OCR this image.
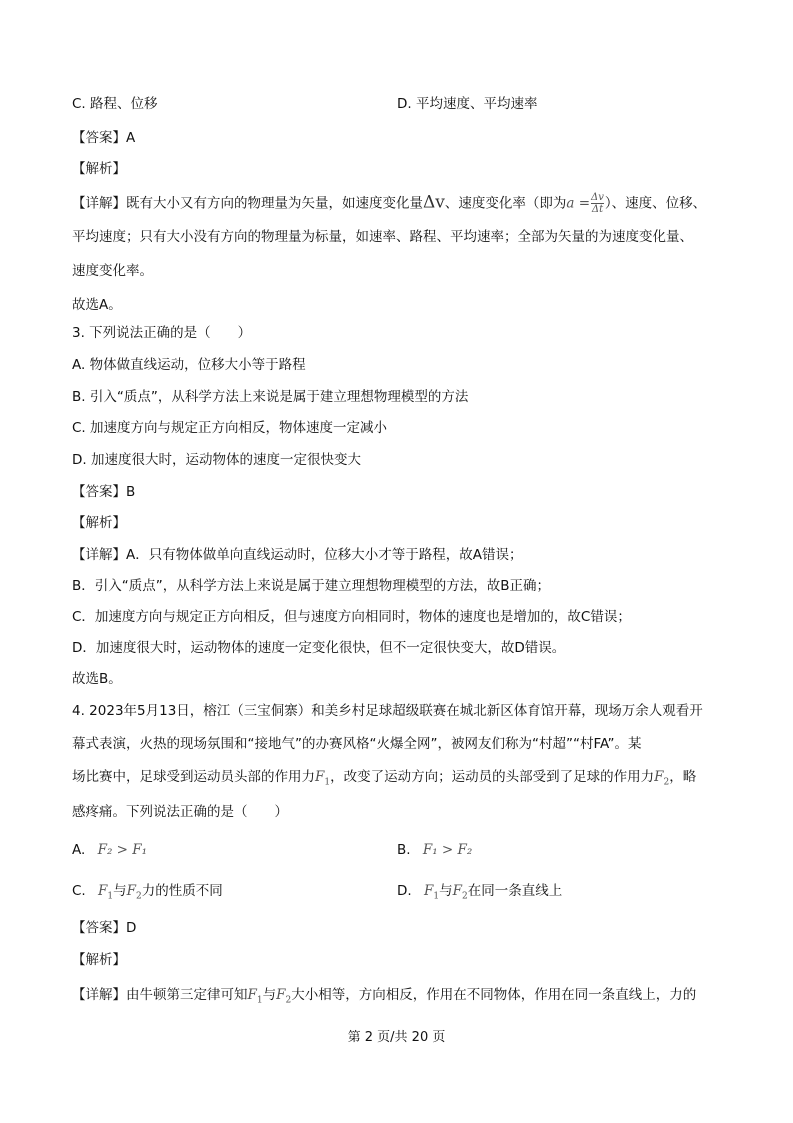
C. 路程、位移	D. 平均速度、平均速率
【答案】A
【解析】
【详解】既有大小又有方向的物理量为矢量，如速度变化量Δv、速度变化率（即为$a = \frac{\Delta v}{\Delta t}$ ）、速度、位移、
平均速度；只有大小没有方向的物理量为标量，如速率、路程、平均速率；全部为矢量的为速度变化量、
速度变化率。
故选A。
3. 下列说法正确的是（　　）
A. 物体做直线运动，位移大小等于路程
B. 引入“质点”，从科学方法上来说是属于建立理想物理模型的方法
C. 加速度方向与规定正方向相反，物体速度一定减小
D. 加速度很大时，运动物体的速度一定很快变大
【答案】B
【解析】
【详解】A．只有物体做单向直线运动时，位移大小才等于路程，故A错误；
B．引入“质点”，从科学方法上来说是属于建立理想物理模型的方法，故B正确；
C．加速度方向与规定正方向相反，但与速度方向相同时，物体的速度也是增加的，故C错误；
D．加速度很大时，运动物体的速度一定变化很快，但不一定很快变大，故D错误。
故选B。
4. 2023年5月13日，榕江（三宝侗寨）和美乡村足球超级联赛在城北新区体育馆开幕，现场万余人观看开
幕式表演，火热的现场氛围和“接地气”的办赛风格“火爆全网”，被网友们称为“村超”“村FA”。某
场比赛中，足球受到运动员头部的作用力$F_1$，改变了运动方向；运动员的头部受到了足球的作用力$F_2$，略
感疼痛。下列说法正确的是（　　）
A. F₂ > F₁	B. F₁ > F₂
C. $F_1$与$F_2$力的性质不同	D. $F_1$与$F_2$在同一条直线上
【答案】D
【解析】
【详解】由牛顿第三定律可知$F_1$与$F_2$大小相等，方向相反，作用在不同物体，作用在同一条直线上，力的
第 2 页/共 20 页
